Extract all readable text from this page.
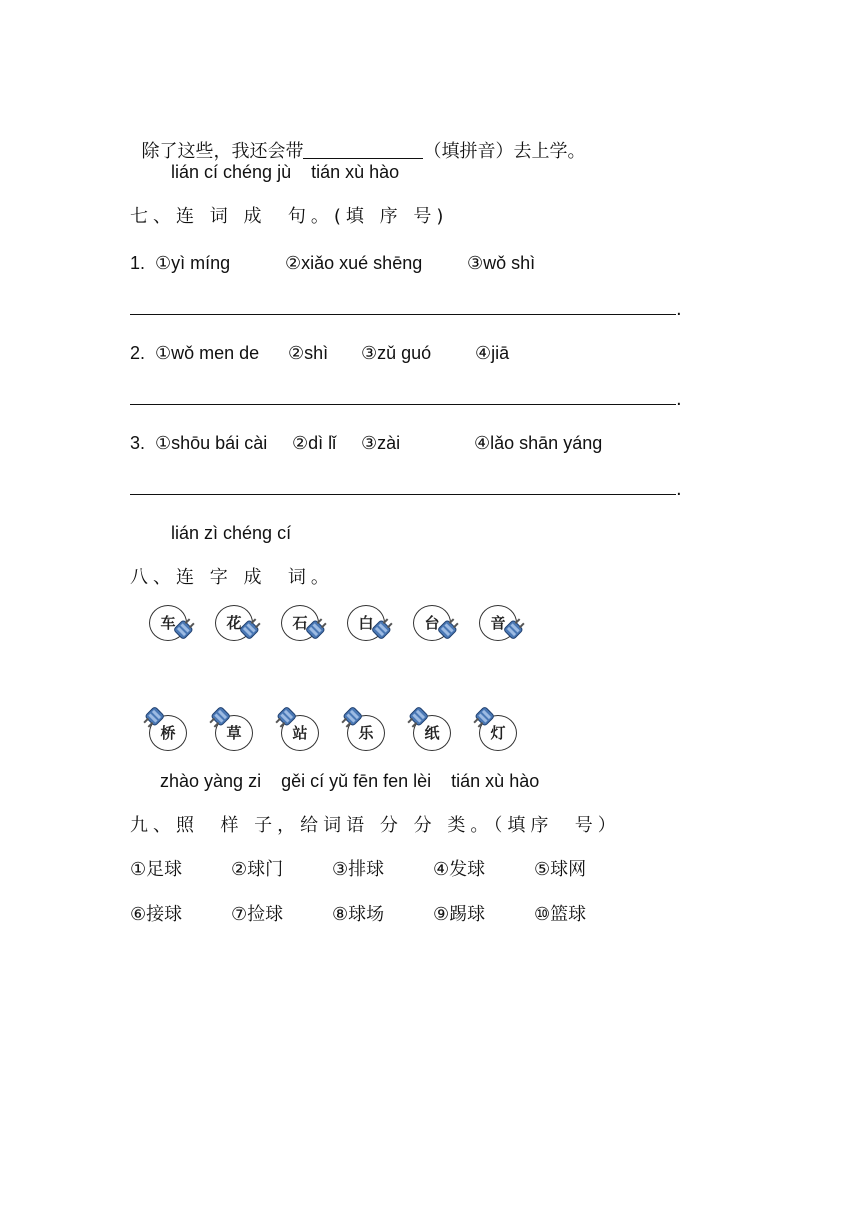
除了这些，我还会带	（填拼音）去上学。

lián cí chéng jù    tián xù hào
七、连 词 成  句。(填 序 号)
1. ①yì míng	②xiǎo xué shēng ③wǒ shì
.
2. ①wǒ men de ②shì ③zǔ guó ④jiā
.
3. ①shōu bái cài ②dì lǐ ③zài	④lǎo shān yáng
.
lián zì chéng cí
八、连 字 成  词。
车	花	石	白	台	音
桥	草	站	乐	纸	灯
zhào yàng zi    gěi cí yǔ fēn fen lèi    tián xù hào
九、照  样 子，给词语 分 分 类。（填序  号）
①足球	②球门	③排球	④发球	⑤球网
⑥接球	⑦捡球	⑧球场	⑨踢球	⑩篮球
